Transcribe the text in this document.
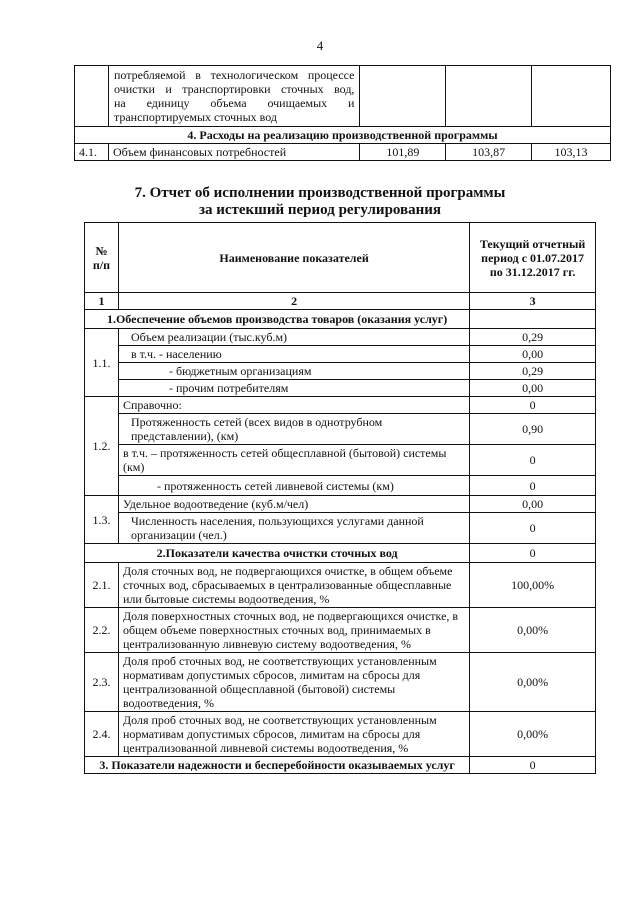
4

	потребляемой в технологическом процессе
очистки и транспортировки сточных вод,
на единицу объема очищаемых и
транспортируемых сточных вод			

4. Расходы на реализацию производственной программы				
4.1.	Объем финансовых потребностей	101,89	103,87	103,13
7. Отчет об исполнении производственной программы
за истекший период регулирования
№ п/п	Наименование показателей	Текущий отчетный период с 01.07.2017 по 31.12.2017 гг.
1	2	3
1.Обеспечение объемов производства товаров (оказания услуг)		
1.1.	Объем реализации (тыс.куб.м)	0,29
	в т.ч. - населению	0,00
	- бюджетным организациям	0,29
	- прочим потребителям	0,00
1.2.	Справочно:	0
	Протяженность сетей (всех видов в однотрубном представлении), (км)	0,90
	в т.ч. – протяженность сетей общесплавной (бытовой) системы (км)	0
	- протяженность сетей ливневой системы (км)	0
1.3.	Удельное водоотведение (куб.м/чел)	0,00
	Численность населения, пользующихся услугами данной организации (чел.)	0
2.Показатели качества очистки сточных вод		0
2.1.	Доля сточных вод, не подвергающихся очистке, в общем объеме сточных вод, сбрасываемых в централизованные общесплавные или бытовые системы водоотведения, %	100,00%
2.2.	Доля поверхностных сточных вод, не подвергающихся очистке, в общем объеме поверхностных сточных вод, принимаемых в централизованную ливневую систему водоотведения, %	0,00%
2.3.	Доля проб сточных вод, не соответствующих установленным нормативам допустимых сбросов, лимитам на сбросы для централизованной общесплавной (бытовой) системы водоотведения, %	0,00%
2.4.	Доля проб сточных вод, не соответствующих установленным нормативам допустимых сбросов, лимитам на сбросы для централизованной ливневой системы водоотведения, %	0,00%
3. Показатели надежности и бесперебойности оказываемых услуг		0
